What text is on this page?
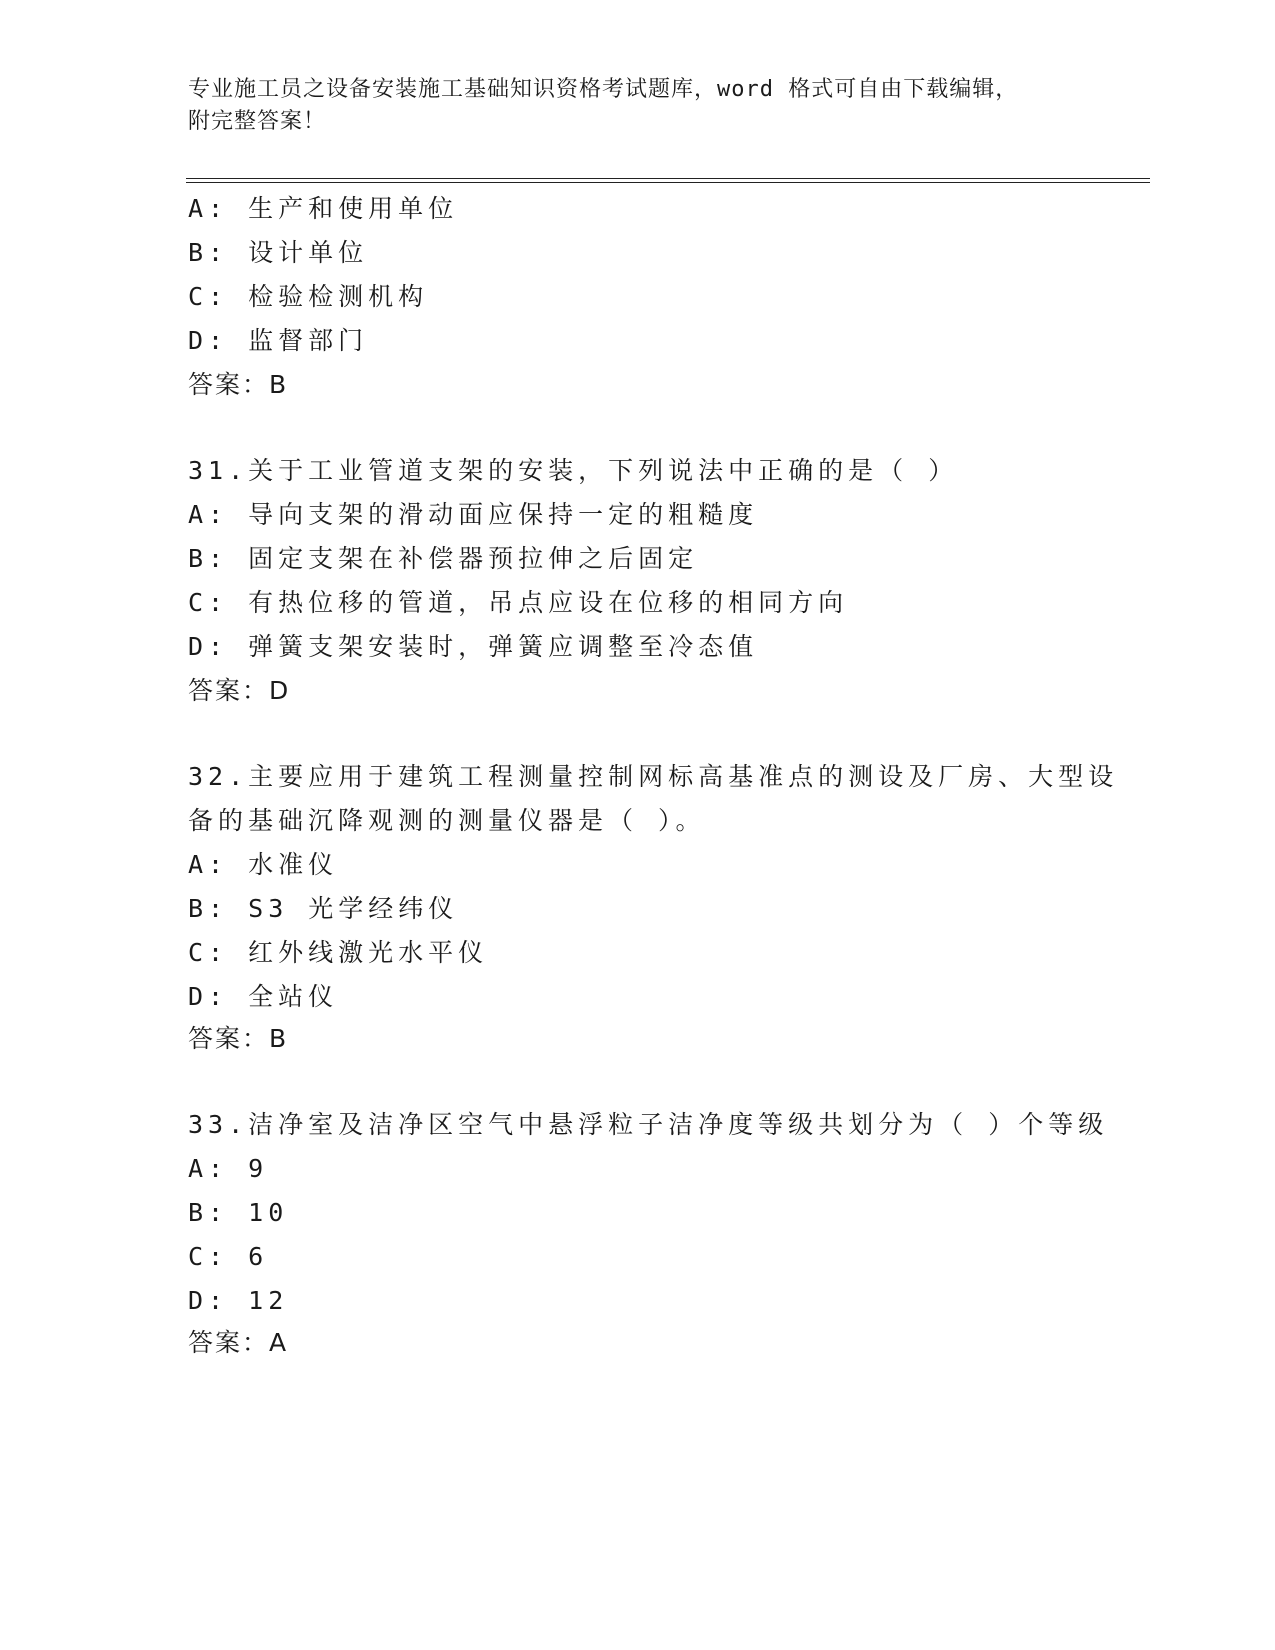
专业施工员之设备安装施工基础知识资格考试题库，word 格式可自由下载编辑，
附完整答案！
A: 生产和使用单位
B: 设计单位
C: 检验检测机构
D: 监督部门
答案：B
31.关于工业管道支架的安装，下列说法中正确的是（ ）
A: 导向支架的滑动面应保持一定的粗糙度
B: 固定支架在补偿器预拉伸之后固定
C: 有热位移的管道，吊点应设在位移的相同方向
D: 弹簧支架安装时，弹簧应调整至冷态值
答案：D
32.主要应用于建筑工程测量控制网标高基准点的测设及厂房、大型设
备的基础沉降观测的测量仪器是（ ）。
A: 水准仪
B: S3 光学经纬仪
C: 红外线激光水平仪
D: 全站仪
答案：B
33.洁净室及洁净区空气中悬浮粒子洁净度等级共划分为（ ）个等级
A: 9
B: 10
C: 6
D: 12
答案：A
